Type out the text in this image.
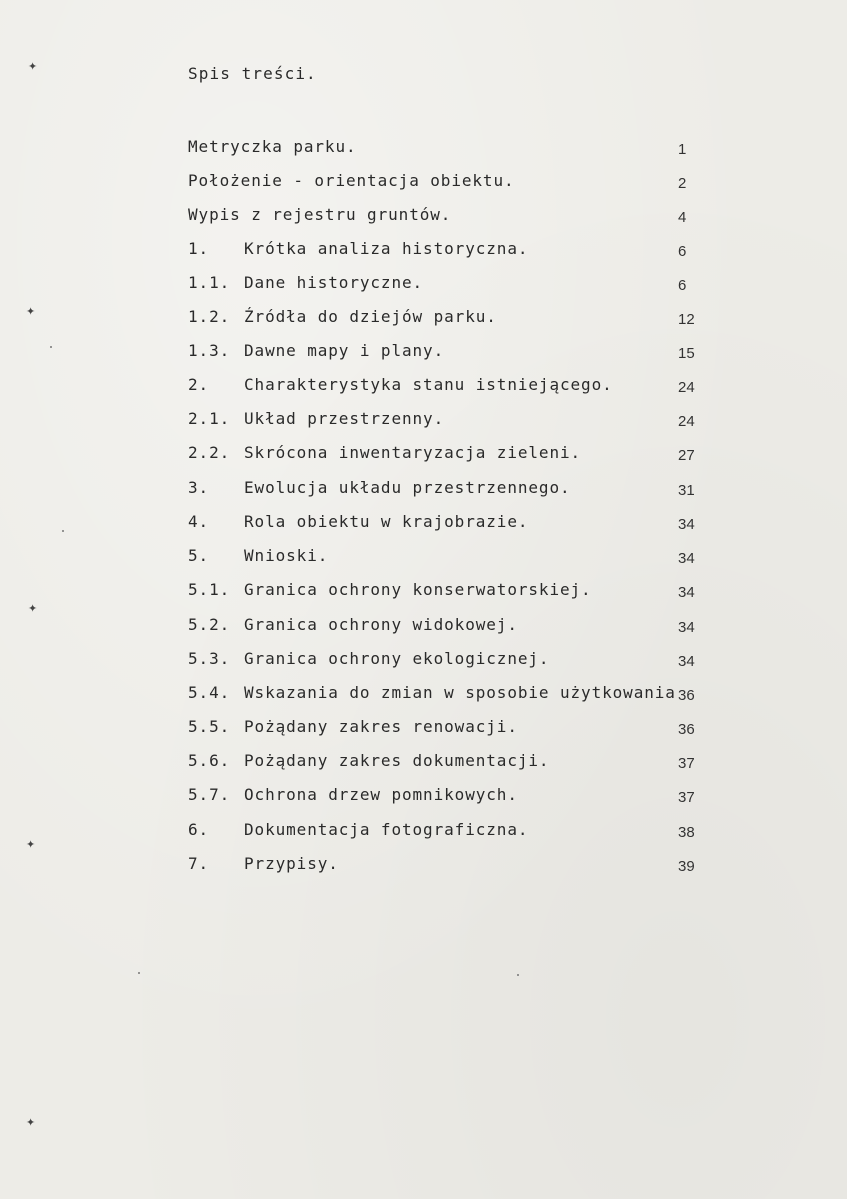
✦
✦
✦
✦
✦
Spis treści.
Metryczka parku.	1
Położenie - orientacja obiektu.	2
Wypis z rejestru gruntów.	4
1. Krótka analiza historyczna.	6
1.1. Dane historyczne.	6
1.2. Źródła do dziejów parku.	12
1.3. Dawne mapy i plany.	15
2. Charakterystyka stanu istniejącego.	24
2.1. Układ przestrzenny.	24
2.2. Skrócona inwentaryzacja zieleni.	27
3. Ewolucja układu przestrzennego.	31
4. Rola obiektu w krajobrazie.	34
5. Wnioski.	34
5.1. Granica ochrony konserwatorskiej.	34
5.2. Granica ochrony widokowej.	34
5.3. Granica ochrony ekologicznej.	34
5.4. Wskazania do zmian w sposobie użytkowania 36
5.5. Pożądany zakres renowacji.	36
5.6. Pożądany zakres dokumentacji.	37
5.7. Ochrona drzew pomnikowych.	37
6. Dokumentacja fotograficzna.	38
7. Przypisy.	39
